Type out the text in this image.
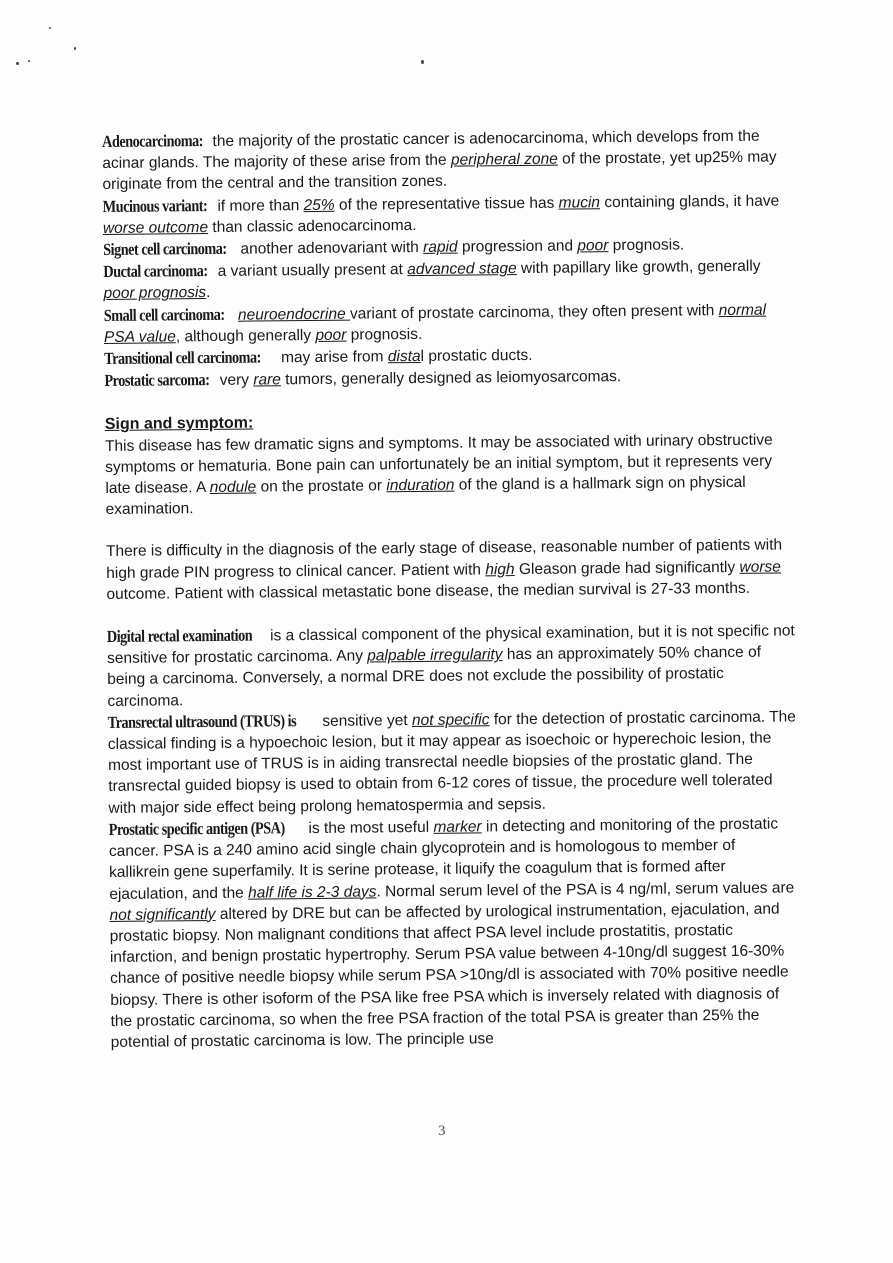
Adenocarcinoma: the majority of the prostatic cancer is adenocarcinoma, which develops from the acinar glands. The majority of these arise from the peripheral zone of the prostate, yet up25% may originate from the central and the transition zones.

Mucinous variant: if more than 25% of the representative tissue has mucin containing glands, it have worse outcome than classic adenocarcinoma.

Signet cell carcinoma: another adenovariant with rapid progression and poor prognosis.

Ductal carcinoma: a variant usually present at advanced stage with papillary like growth, generally poor prognosis.

Small cell carcinoma: neuroendocrine variant of prostate carcinoma, they often present with normal PSA value, although generally poor prognosis.

Transitional cell carcinoma: may arise from distal prostatic ducts.

Prostatic sarcoma: very rare tumors, generally designed as leiomyosarcomas.

Sign and symptom:

This disease has few dramatic signs and symptoms. It may be associated with urinary obstructive symptoms or hematuria. Bone pain can unfortunately be an initial symptom, but it represents very late disease. A nodule on the prostate or induration of the gland is a hallmark sign on physical examination.

There is difficulty in the diagnosis of the early stage of disease, reasonable number of patients with high grade PIN progress to clinical cancer. Patient with high Gleason grade had significantly worse outcome. Patient with classical metastatic bone disease, the median survival is 27-33 months.

Digital rectal examination is a classical component of the physical examination, but it is not specific not sensitive for prostatic carcinoma. Any palpable irregularity has an approximately 50% chance of being a carcinoma. Conversely, a normal DRE does not exclude the possibility of prostatic carcinoma.

Transrectal ultrasound (TRUS) is sensitive yet not specific for the detection of prostatic carcinoma. The classical finding is a hypoechoic lesion, but it may appear as isoechoic or hyperechoic lesion, the most important use of TRUS is in aiding transrectal needle biopsies of the prostatic gland. The transrectal guided biopsy is used to obtain from 6-12 cores of tissue, the procedure well tolerated with major side effect being prolong hematospermia and sepsis.

Prostatic specific antigen (PSA) is the most useful marker in detecting and monitoring of the prostatic cancer. PSA is a 240 amino acid single chain glycoprotein and is homologous to member of kallikrein gene superfamily. It is serine protease, it liquify the coagulum that is formed after ejaculation, and the half life is 2-3 days. Normal serum level of the PSA is 4 ng/ml, serum values are not significantly altered by DRE but can be affected by urological instrumentation, ejaculation, and prostatic biopsy. Non malignant conditions that affect PSA level include prostatitis, prostatic infarction, and benign prostatic hypertrophy. Serum PSA value between 4-10ng/dl suggest 16-30% chance of positive needle biopsy while serum PSA >10ng/dl is associated with 70% positive needle biopsy. There is other isoform of the PSA like free PSA which is inversely related with diagnosis of the prostatic carcinoma, so when the free PSA fraction of the total PSA is greater than 25% the potential of prostatic carcinoma is low. The principle use

3
